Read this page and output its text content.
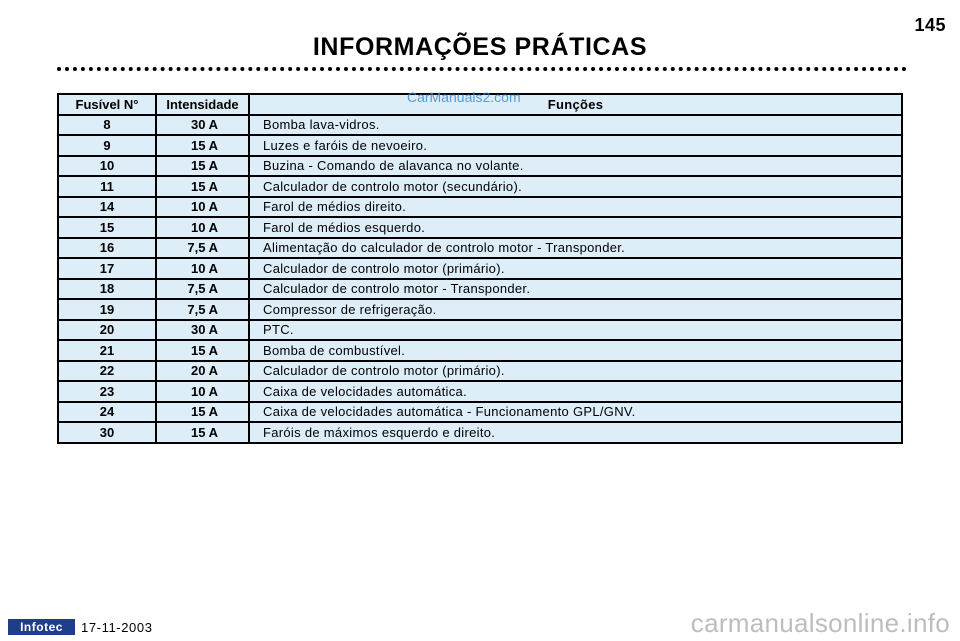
145
INFORMAÇÕES PRÁTICAS
Fusível N°	Intensidade	Funções
8	30 A	Bomba lava-vidros.
9	15 A	Luzes e faróis de nevoeiro.
10	15 A	Buzina - Comando de alavanca no volante.
11	15 A	Calculador de controlo motor (secundário).
14	10 A	Farol de médios direito.
15	10 A	Farol de médios esquerdo.
16	7,5 A	Alimentação do calculador de controlo motor - Transponder.
17	10 A	Calculador de controlo motor (primário).
18	7,5 A	Calculador de controlo motor - Transponder.
19	7,5 A	Compressor de refrigeração.
20	30 A	PTC.
21	15 A	Bomba de combustível.
22	20 A	Calculador de controlo motor (primário).
23	10 A	Caixa de velocidades automática.
24	15 A	Caixa de velocidades automática - Funcionamento GPL/GNV.
30	15 A	Faróis de máximos esquerdo e direito.
CarManuals2.com
Infotec	17-11-2003	carmanualsonline.info
